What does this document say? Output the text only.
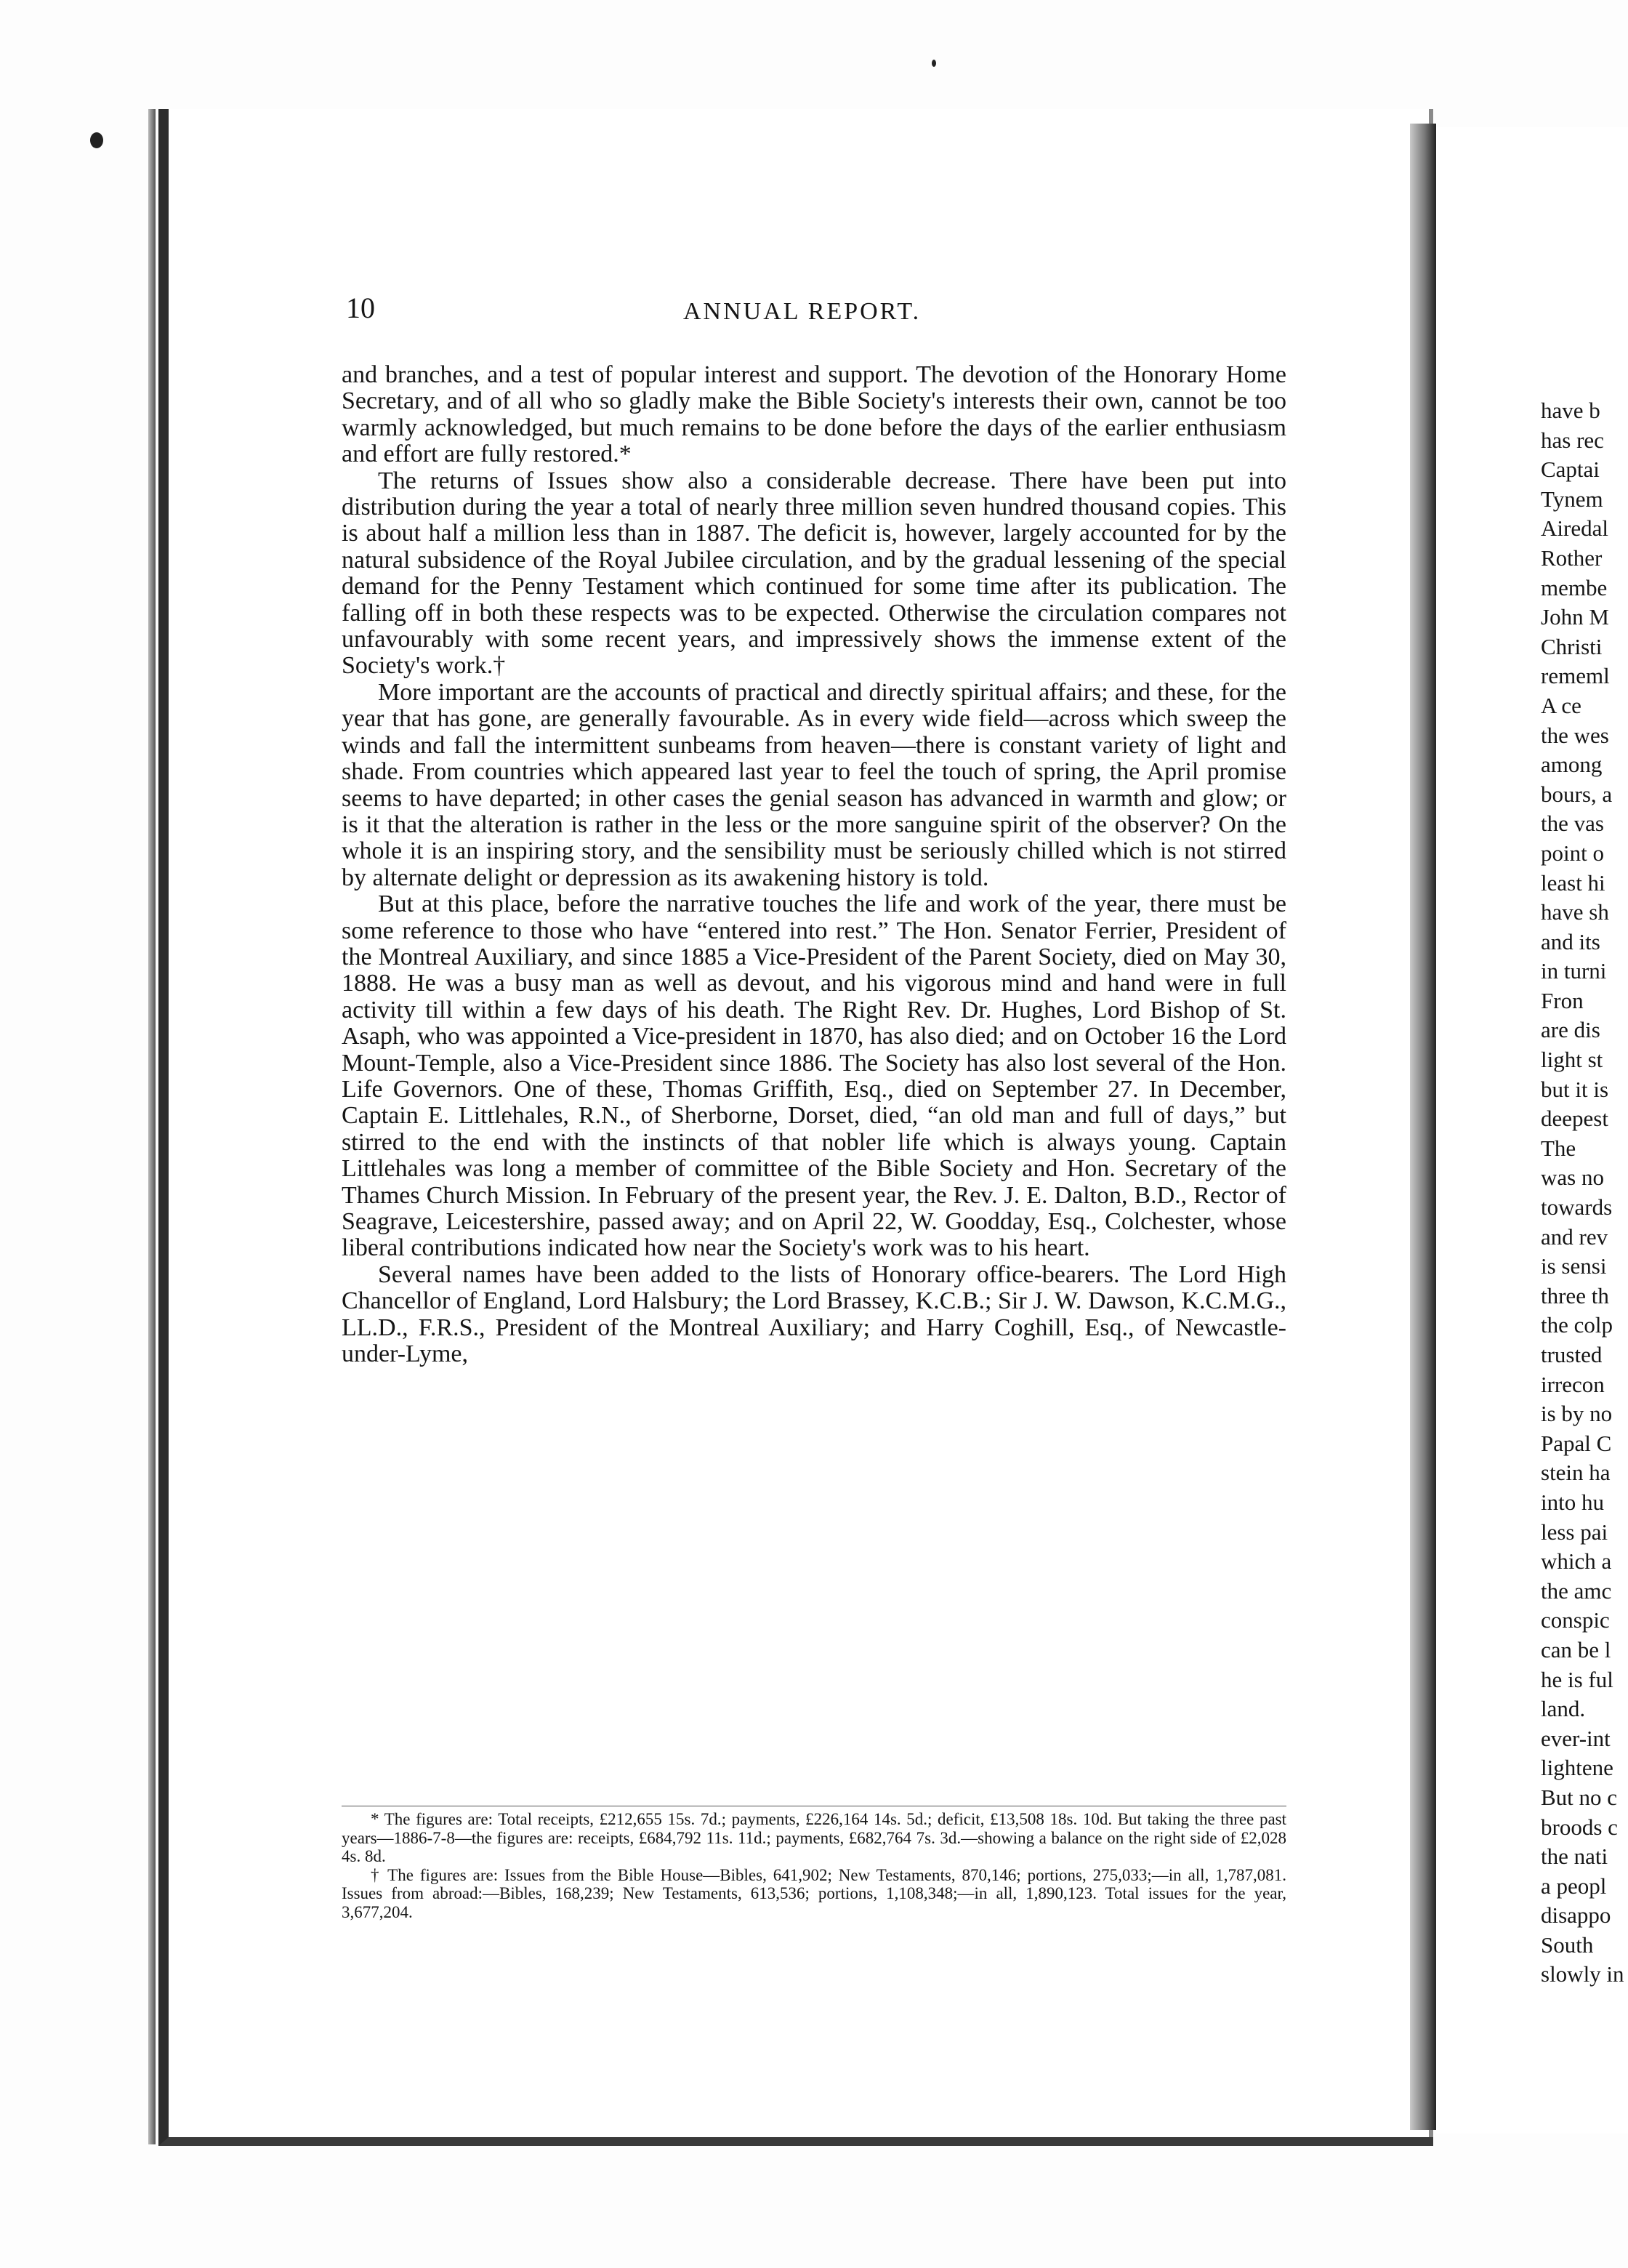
10	ANNUAL REPORT.

and branches, and a test of popular interest and support. The devotion of the Honorary Home Secretary, and of all who so gladly make the Bible Society's interests their own, cannot be too warmly acknowledged, but much remains to be done before the days of the earlier enthusiasm and effort are fully restored.*

The returns of Issues show also a considerable decrease. There have been put into distribution during the year a total of nearly three million seven hundred thousand copies. This is about half a million less than in 1887. The deficit is, however, largely accounted for by the natural subsidence of the Royal Jubilee circulation, and by the gradual lessening of the special demand for the Penny Testament which continued for some time after its publication. The falling off in both these respects was to be expected. Otherwise the circulation compares not unfavourably with some recent years, and impressively shows the immense extent of the Society's work.†

More important are the accounts of practical and directly spiritual affairs; and these, for the year that has gone, are generally favourable. As in every wide field—across which sweep the winds and fall the intermittent sunbeams from heaven—there is constant variety of light and shade. From countries which appeared last year to feel the touch of spring, the April promise seems to have departed; in other cases the genial season has advanced in warmth and glow; or is it that the alteration is rather in the less or the more sanguine spirit of the observer? On the whole it is an inspiring story, and the sensibility must be seriously chilled which is not stirred by alternate delight or depression as its awakening history is told.

But at this place, before the narrative touches the life and work of the year, there must be some reference to those who have “entered into rest.” The Hon. Senator Ferrier, President of the Montreal Auxiliary, and since 1885 a Vice-President of the Parent Society, died on May 30, 1888. He was a busy man as well as devout, and his vigorous mind and hand were in full activity till within a few days of his death. The Right Rev. Dr. Hughes, Lord Bishop of St. Asaph, who was appointed a Vice-president in 1870, has also died; and on October 16 the Lord Mount-Temple, also a Vice-President since 1886. The Society has also lost several of the Hon. Life Governors. One of these, Thomas Griffith, Esq., died on September 27. In December, Captain E. Littlehales, R.N., of Sherborne, Dorset, died, “an old man and full of days,” but stirred to the end with the instincts of that nobler life which is always young. Captain Littlehales was long a member of committee of the Bible Society and Hon. Secretary of the Thames Church Mission. In February of the present year, the Rev. J. E. Dalton, B.D., Rector of Seagrave, Leicestershire, passed away; and on April 22, W. Goodday, Esq., Colchester, whose liberal contributions indicated how near the Society's work was to his heart.

Several names have been added to the lists of Honorary office-bearers. The Lord High Chancellor of England, Lord Halsbury; the Lord Brassey, K.C.B.; Sir J. W. Dawson, K.C.M.G., LL.D., F.R.S., President of the Montreal Auxiliary; and Harry Coghill, Esq., of Newcastle-under-Lyme,

* The figures are: Total receipts, £212,655 15s. 7d.; payments, £226,164 14s. 5d.; deficit, £13,508 18s. 10d. But taking the three past years—1886-7-8—the figures are: receipts, £684,792 11s. 11d.; payments, £682,764 7s. 3d.—showing a balance on the right side of £2,028 4s. 8d.

† The figures are: Issues from the Bible House—Bibles, 641,902; New Testaments, 870,146; portions, 275,033;—in all, 1,787,081. Issues from abroad:—Bibles, 168,239; New Testaments, 613,536; portions, 1,108,348;—in all, 1,890,123. Total issues for the year, 3,677,204.

have b
has rec
Captai
Tynem
Airedal
Rother
membe
John M
Christi
rememl
A ce
the wes
among
bours, a
the vas
point o
least hi
have sh
and its
in turni
Fron
are dis
light st
but it is
deepest
The
was no
towards
and rev
is sensi
three th
the colp
trusted
irrecon
is by no
Papal C
stein ha
into hu
less pai
which a
the amc
conspic
can be l
he is ful
land.
ever-int
lightene
But no c
broods c
the nati
a peopl
disappo
South
slowly in
